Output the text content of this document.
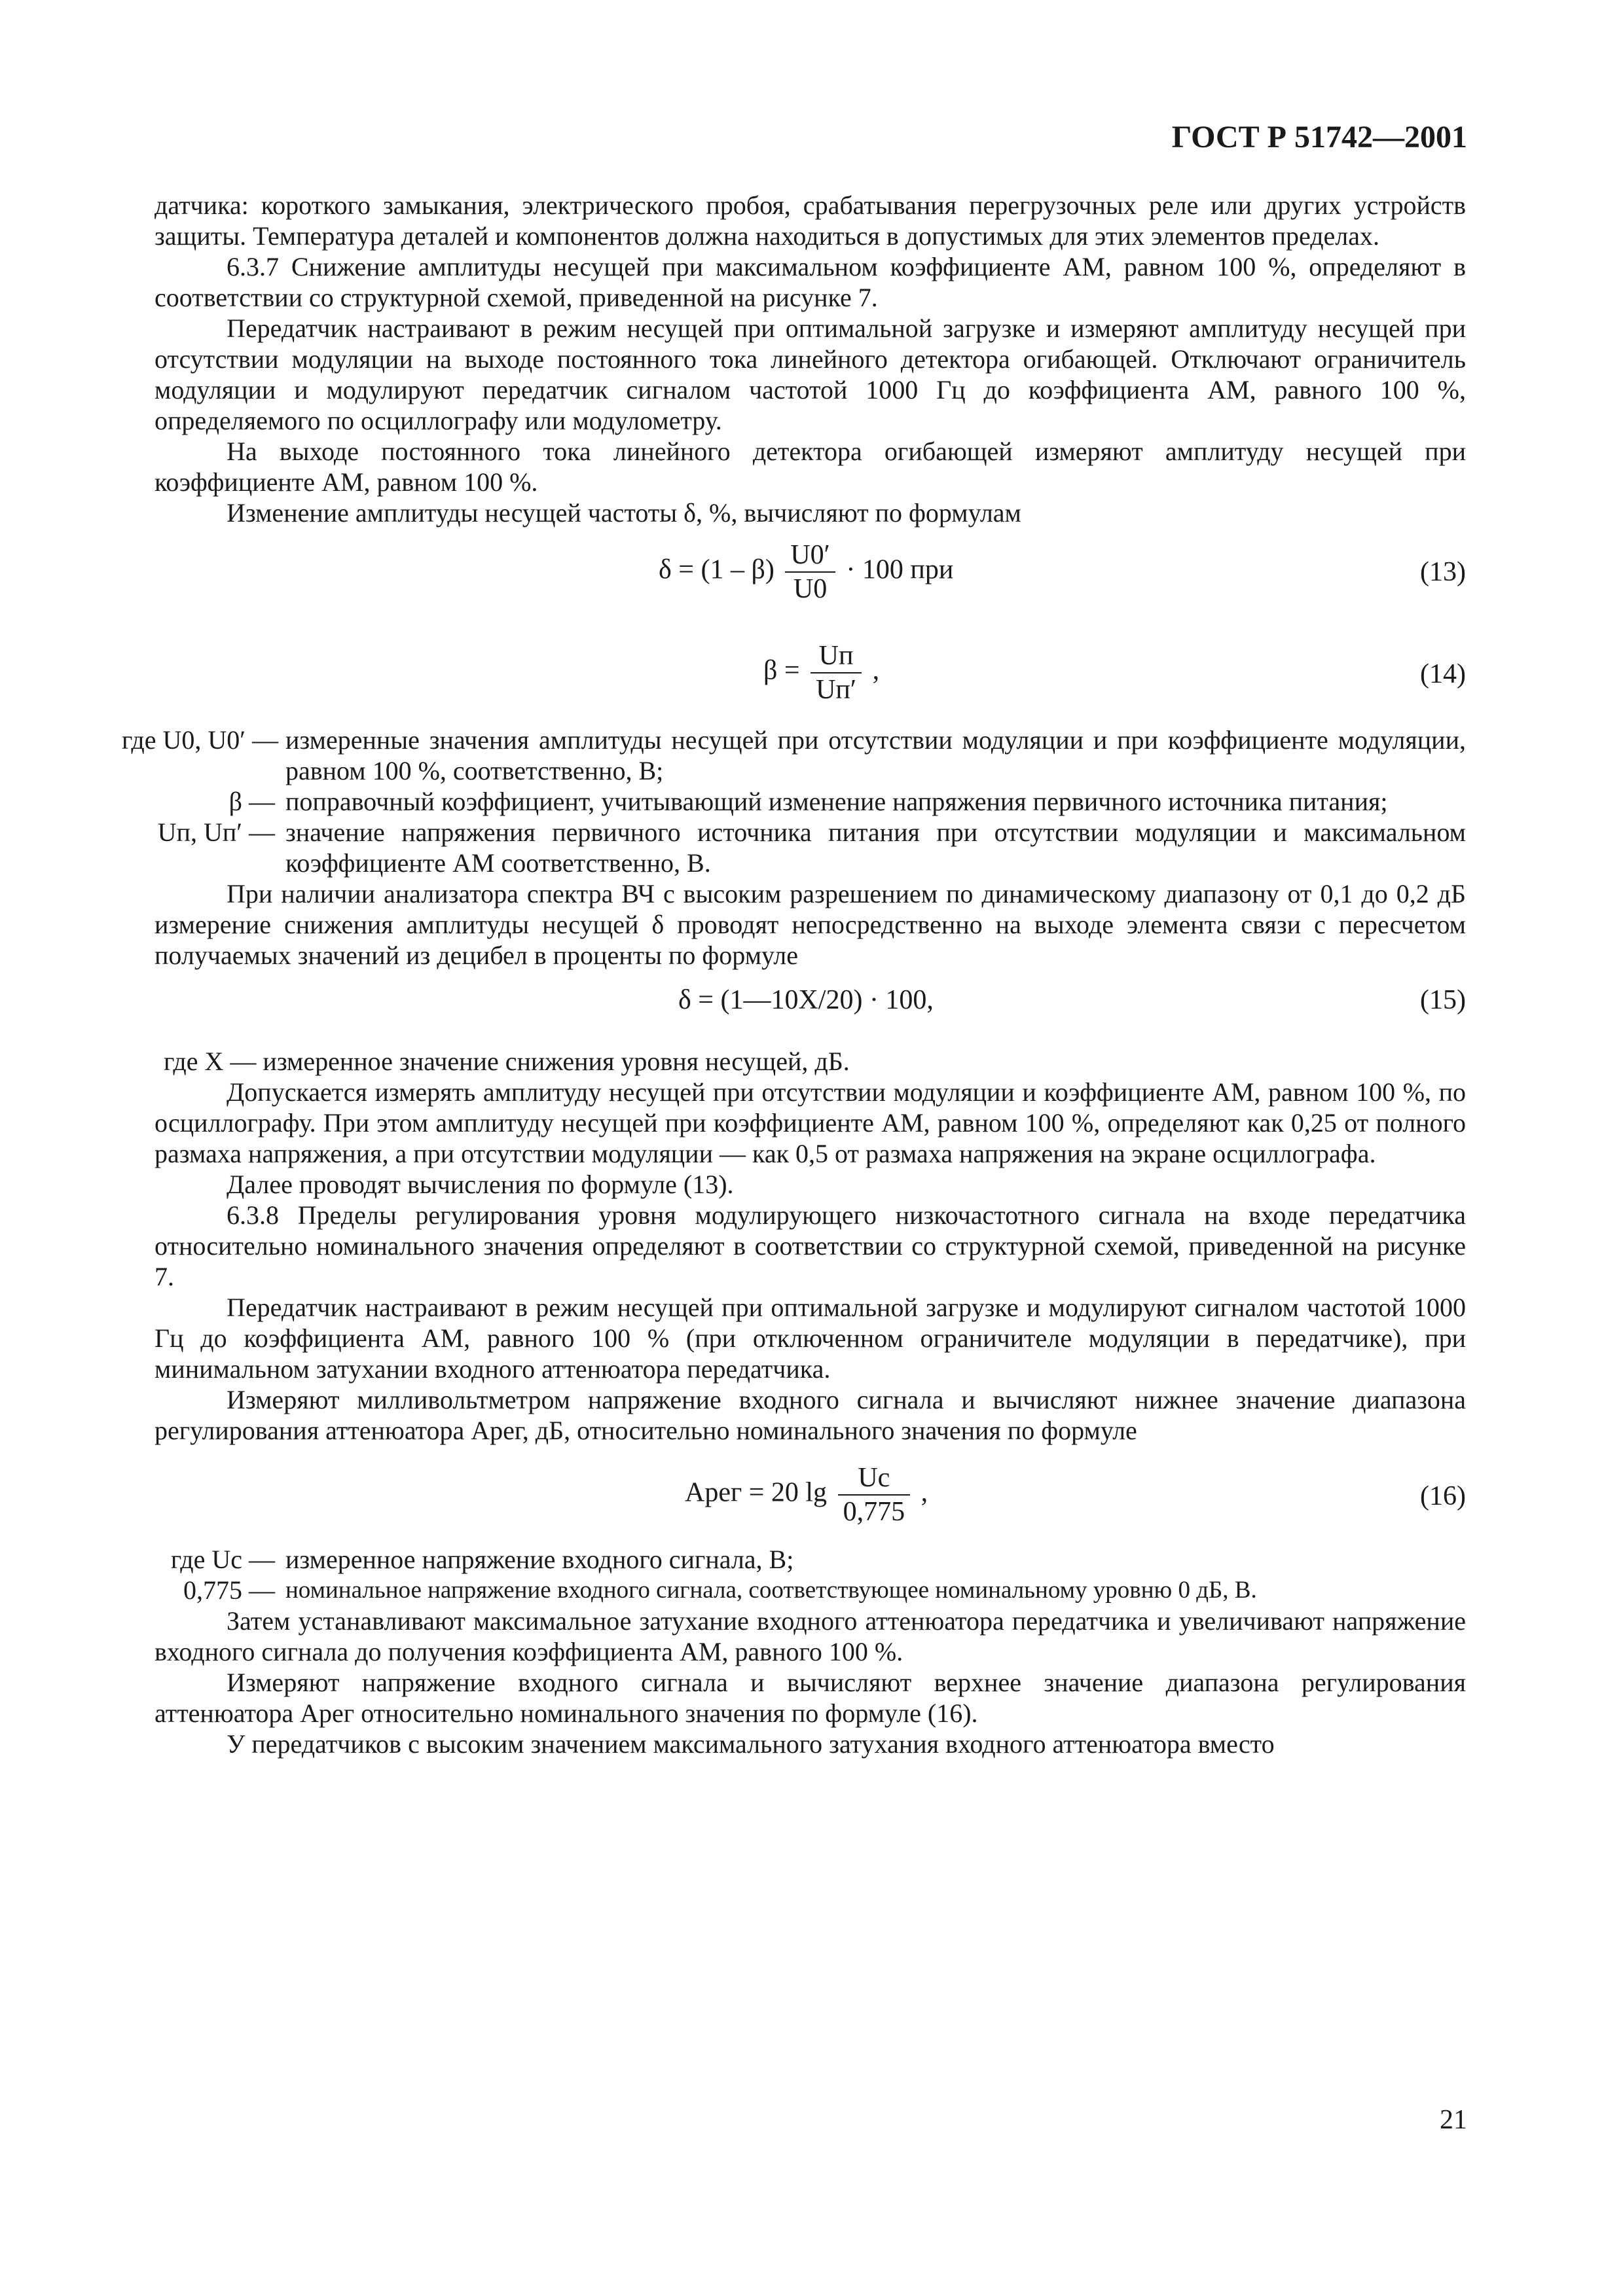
ГОСТ Р 51742—2001

датчика: короткого замыкания, электрического пробоя, срабатывания перегрузочных реле или других устройств защиты. Температура деталей и компонентов должна находиться в допустимых для этих элементов пределах.

6.3.7 Снижение амплитуды несущей при максимальном коэффициенте АМ, равном 100 %, определяют в соответствии со структурной схемой, приведенной на рисунке 7.

Передатчик настраивают в режим несущей при оптимальной загрузке и измеряют амплитуду несущей при отсутствии модуляции на выходе постоянного тока линейного детектора огибающей. Отключают ограничитель модуляции и модулируют передатчик сигналом частотой 1000 Гц до коэффициента АМ, равного 100 %, определяемого по осциллографу или модулометру.

На выходе постоянного тока линейного детектора огибающей измеряют амплитуду несущей при коэффициенте АМ, равном 100 %.

Изменение амплитуды несущей частоты δ, %, вычисляют по формулам

$\delta = (1 - \beta) \frac{U0'}{U0} \cdot 100$ при	(13)
$\beta = \frac{Uп}{Uп'}$ ,	(14)
где U0, U0′ — измеренные значения амплитуды несущей при отсутствии модуляции и при коэффициенте модуляции, равном 100 %, соответственно, В;
β — поправочный коэффициент, учитывающий изменение напряжения первичного источника питания;
Uп, Uп′ — значение напряжения первичного источника питания при отсутствии модуляции и максимальном коэффициенте АМ соответственно, В.

При наличии анализатора спектра ВЧ с высоким разрешением по динамическому диапазону от 0,1 до 0,2 дБ измерение снижения амплитуды несущей δ проводят непосредственно на выходе элемента связи с пересчетом получаемых значений из децибел в проценты по формуле

δ = (1—10X/20) · 100,	(15)

где X — измеренное значение снижения уровня несущей, дБ.

Допускается измерять амплитуду несущей при отсутствии модуляции и коэффициенте АМ, равном 100 %, по осциллографу. При этом амплитуду несущей при коэффициенте АМ, равном 100 %, определяют как 0,25 от полного размаха напряжения, а при отсутствии модуляции — как 0,5 от размаха напряжения на экране осциллографа.

Далее проводят вычисления по формуле (13).

6.3.8 Пределы регулирования уровня модулирующего низкочастотного сигнала на входе передатчика относительно номинального значения определяют в соответствии со структурной схемой, приведенной на рисунке 7.

Передатчик настраивают в режим несущей при оптимальной загрузке и модулируют сигналом частотой 1000 Гц до коэффициента АМ, равного 100 % (при отключенном ограничителе модуляции в передатчике), при минимальном затухании входного аттенюатора передатчика.

Измеряют милливольтметром напряжение входного сигнала и вычисляют нижнее значение диапазона регулирования аттенюатора Aрег, дБ, относительно номинального значения по формуле

Aрег = 20 $\lg \frac{Uс}{0,775}$ ,	(16)
где Uс — измеренное напряжение входного сигнала, В;
0,775 — номинальное напряжение входного сигнала, соответствующее номинальному уровню 0 дБ, В.

Затем устанавливают максимальное затухание входного аттенюатора передатчика и увеличивают напряжение входного сигнала до получения коэффициента АМ, равного 100 %.

Измеряют напряжение входного сигнала и вычисляют верхнее значение диапазона регулирования аттенюатора Aрег относительно номинального значения по формуле (16).

У передатчиков с высоким значением максимального затухания входного аттенюатора вместо

21
